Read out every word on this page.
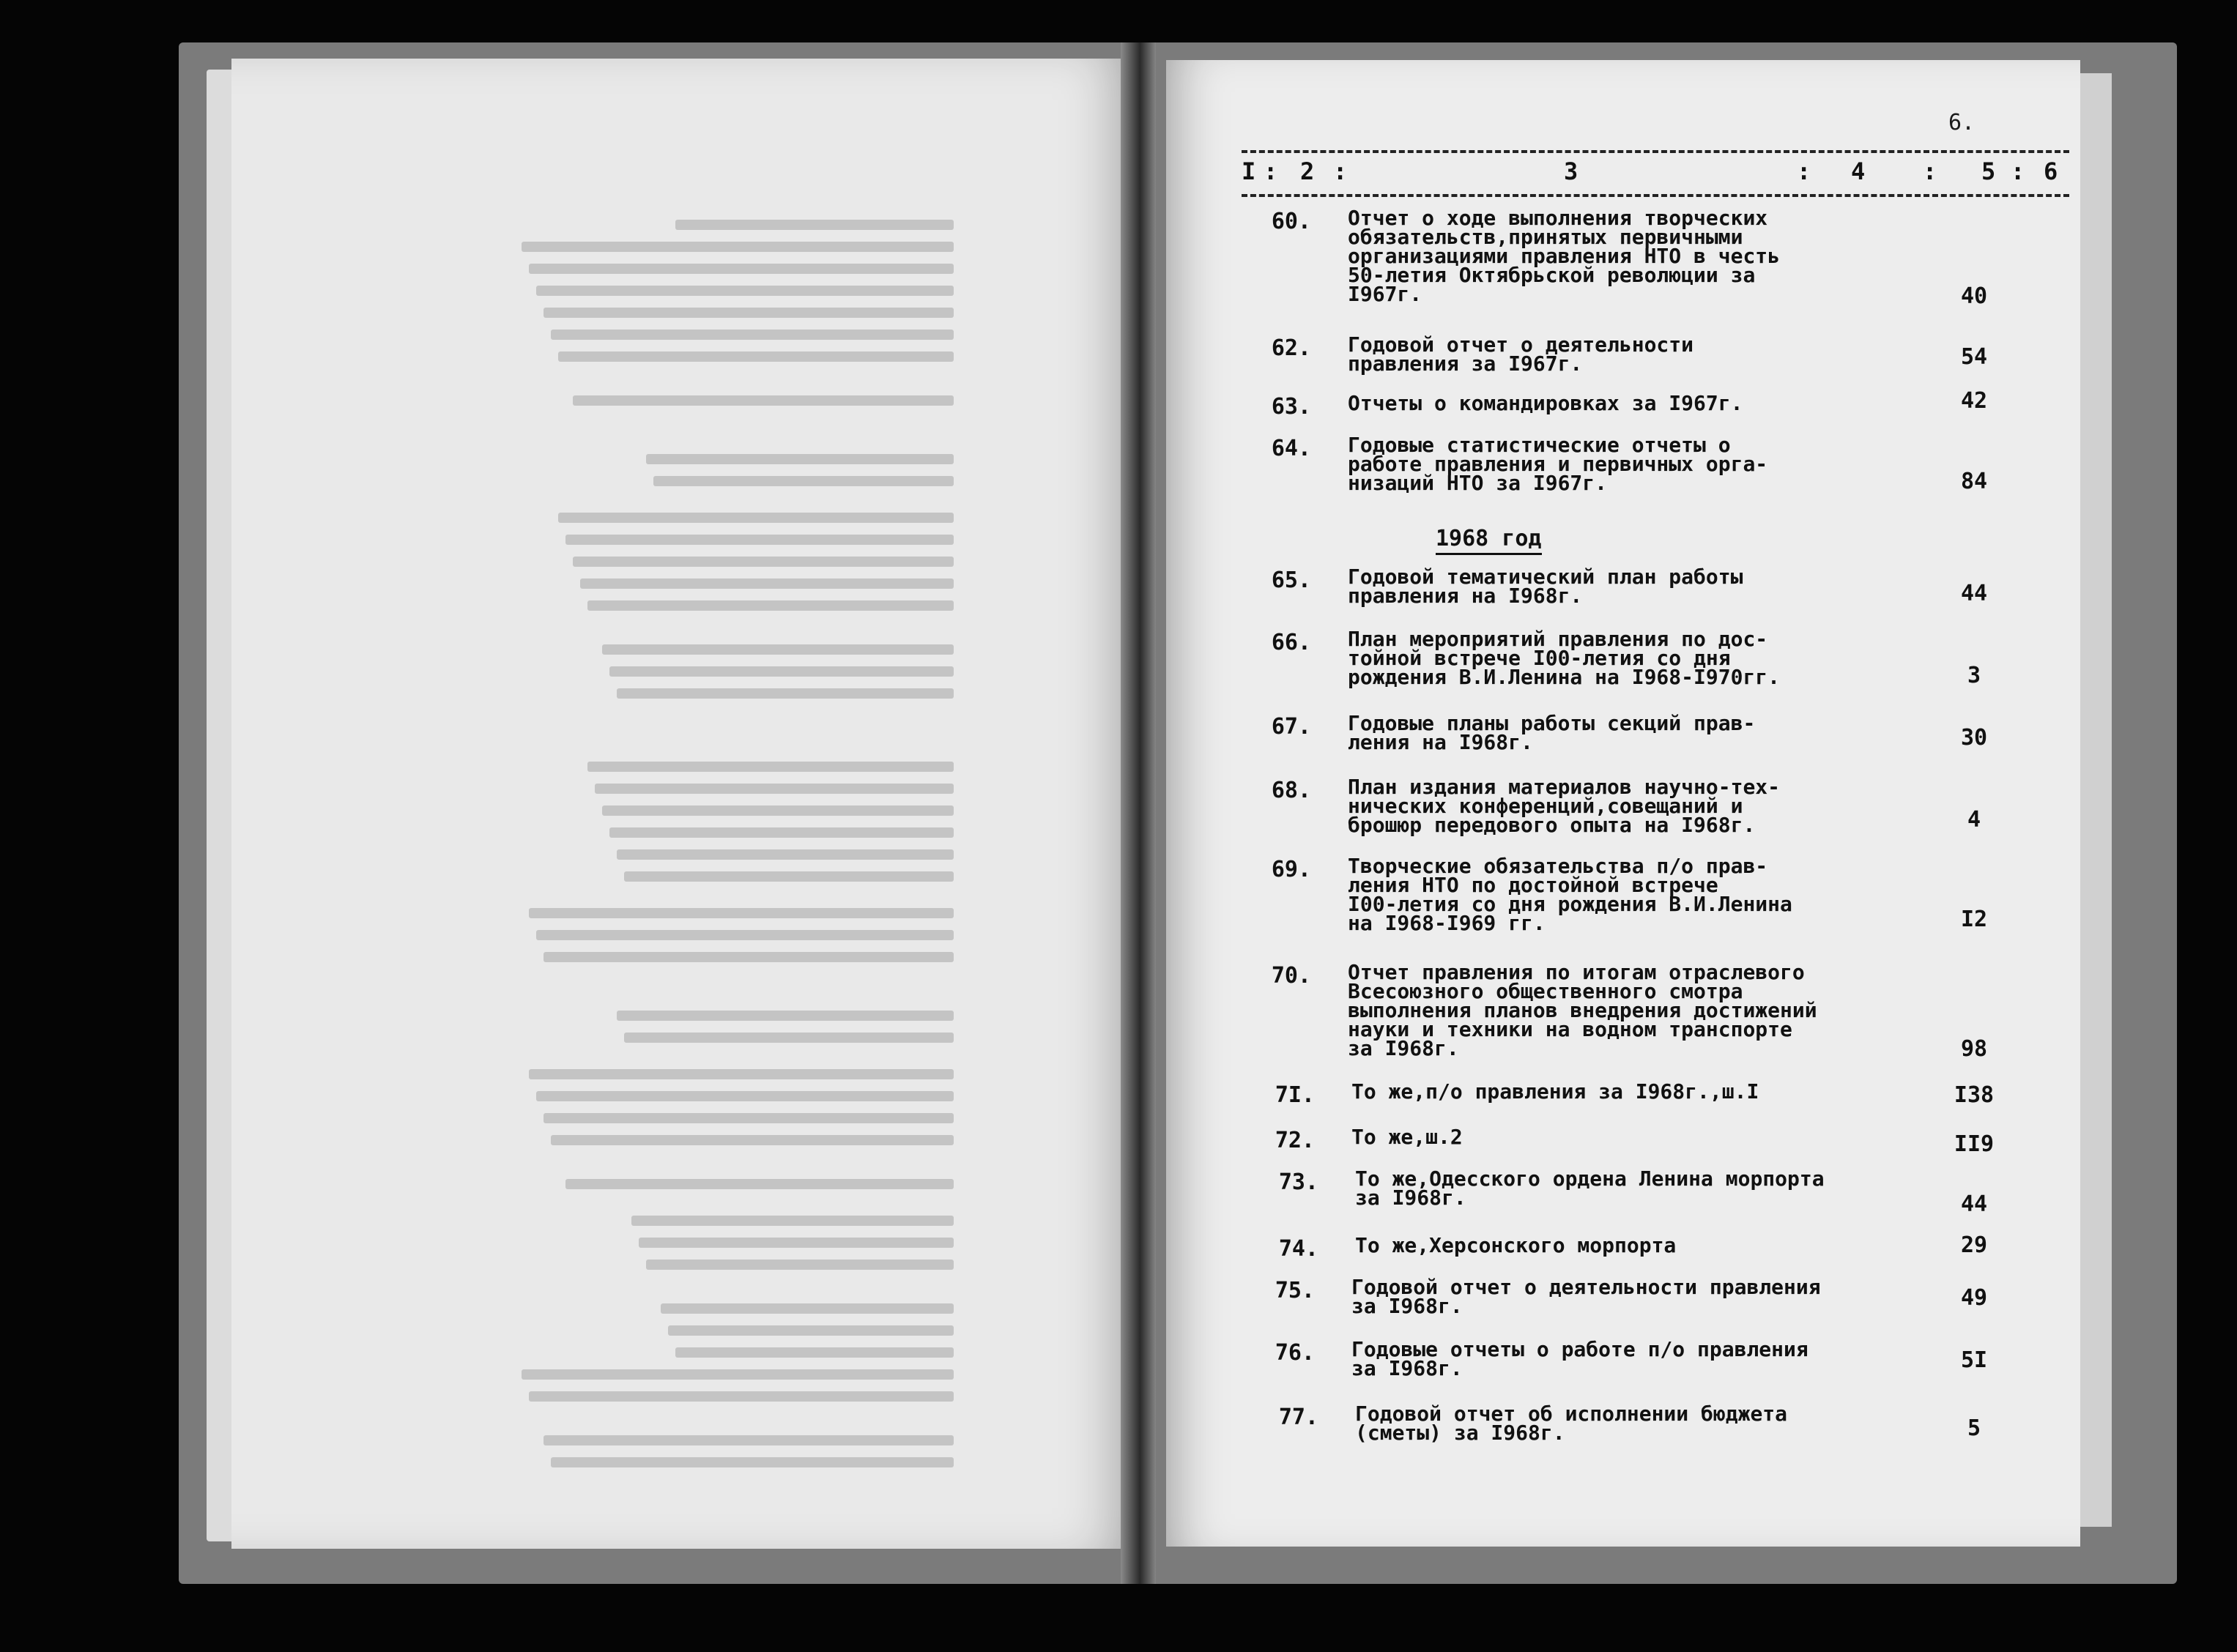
6.
I : 2 :	3	: 4 : 5 : 6
1968 год
60. Отчет о ходе выполнения творческих
обязательств,принятых первичными
организациями правления НТО в честь
50-летия Октябрьской революции за
I967г.	40
62. Годовой отчет о деятельности
правления за I967г.	54
63. Отчеты о командировках за I967г.	42
64. Годовые статистические отчеты о
работе правления и первичных орга-
низаций НТО за I967г.	84
65. Годовой тематический план работы
правления на I968г.	44
66. План мероприятий правления по дос-
тойной встрече I00-летия со дня
рождения В.И.Ленина на I968-I970гг.	3
67. Годовые планы работы секций прав-
ления на I968г.	30
68. План издания материалов научно-тех-
нических конференций,совещаний и
брошюр передового опыта на I968г.	4
69. Творческие обязательства п/о прав-
ления НТО по достойной встрече
I00-летия со дня рождения В.И.Ленина
на I968-I969 гг.	I2
70. Отчет правления по итогам отраслевого
Всесоюзного общественного смотра
выполнения планов внедрения достижений
науки и техники на водном транспорте
за I968г.	98
7I. То же,п/о правления за I968г.,ш.I	I38
72. То же,ш.2	II9
73. То же,Одесского ордена Ленина морпорта
за I968г.	44
74. То же,Херсонского морпорта	29
75. Годовой отчет о деятельности правления
за I968г.	49
76. Годовые отчеты о работе п/о правления
за I968г.	5I
77. Годовой отчет об исполнении бюджета
(сметы) за I968г.	5
